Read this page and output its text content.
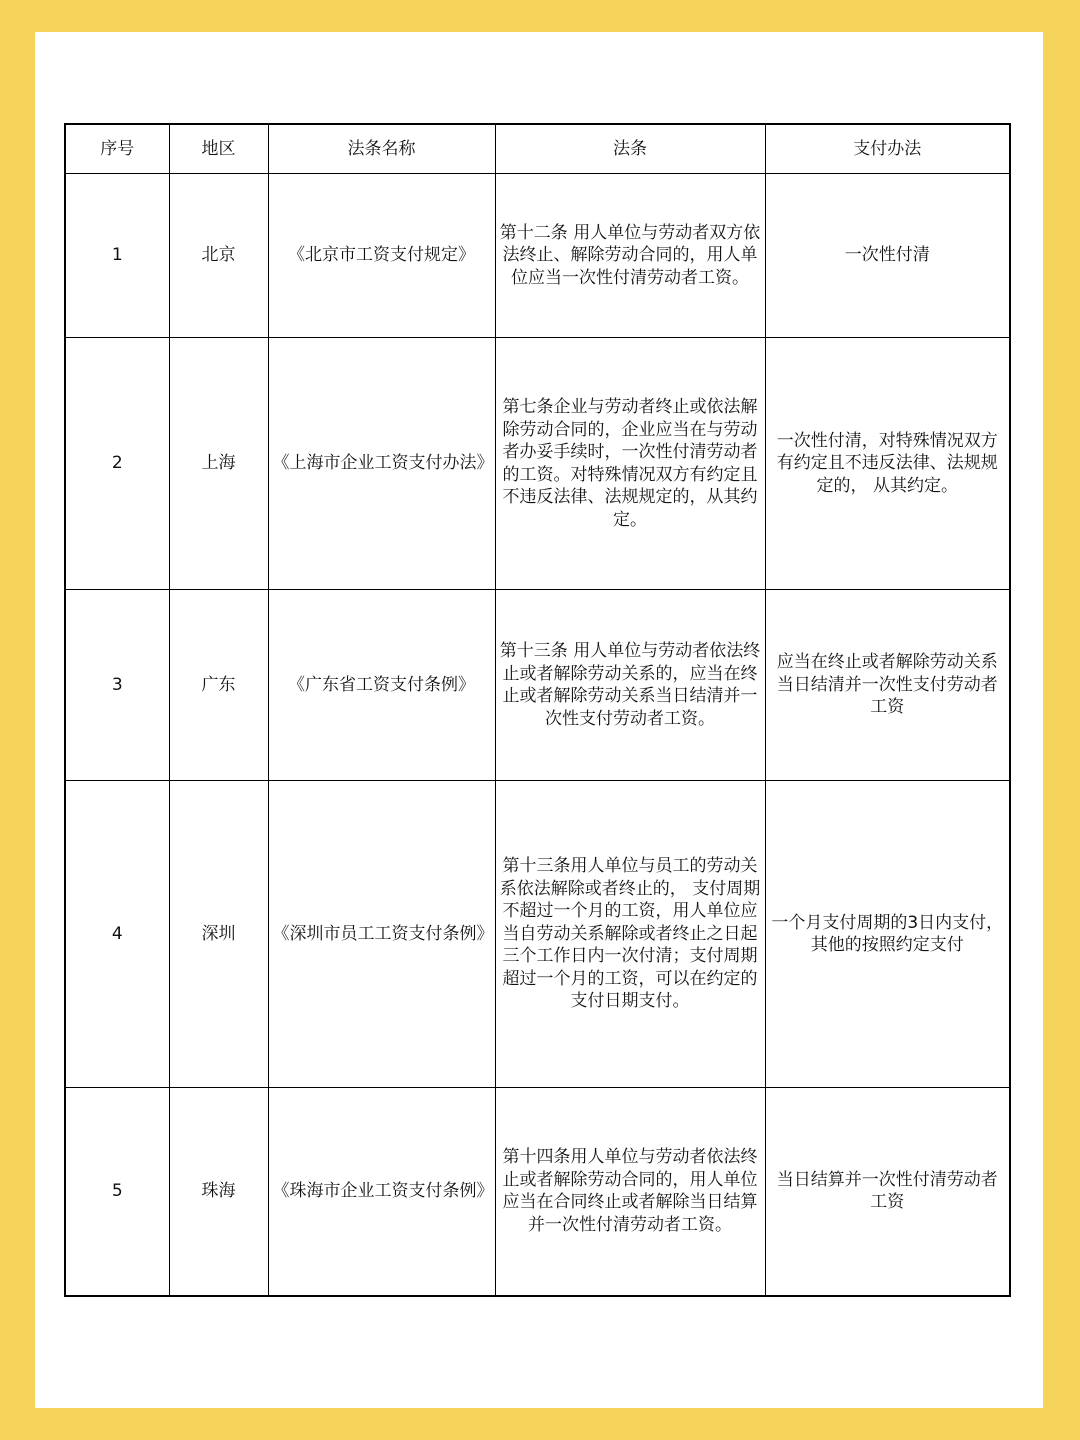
序号	地区	法条名称	法条	支付办法
1	北京	《北京市工资支付规定》	第十二条 用人单位与劳动者双方依法终止、解除劳动合同的，用人单位应当一次性付清劳动者工资。	一次性付清
2	上海	《上海市企业工资支付办法》	第七条企业与劳动者终止或依法解除劳动合同的，企业应当在与劳动者办妥手续时，一次性付清劳动者的工资。对特殊情况双方有约定且不违反法律、法规规定的，从其约定。	一次性付清，对特殊情况双方有约定且不违反法律、法规规定的， 从其约定。
3	广东	《广东省工资支付条例》	第十三条 用人单位与劳动者依法终止或者解除劳动关系的，应当在终止或者解除劳动关系当日结清并一次性支付劳动者工资。	应当在终止或者解除劳动关系当日结清并一次性支付劳动者工资
4	深圳	《深圳市员工工资支付条例》	第十三条用人单位与员工的劳动关系依法解除或者终止的， 支付周期不超过一个月的工资，用人单位应当自劳动关系解除或者终止之日起三个工作日内一次付清；支付周期超过一个月的工资，可以在约定的支付日期支付。	一个月支付周期的3日内支付，其他的按照约定支付
5	珠海	《珠海市企业工资支付条例》	第十四条用人单位与劳动者依法终止或者解除劳动合同的，用人单位应当在合同终止或者解除当日结算并一次性付清劳动者工资。	当日结算并一次性付清劳动者工资
